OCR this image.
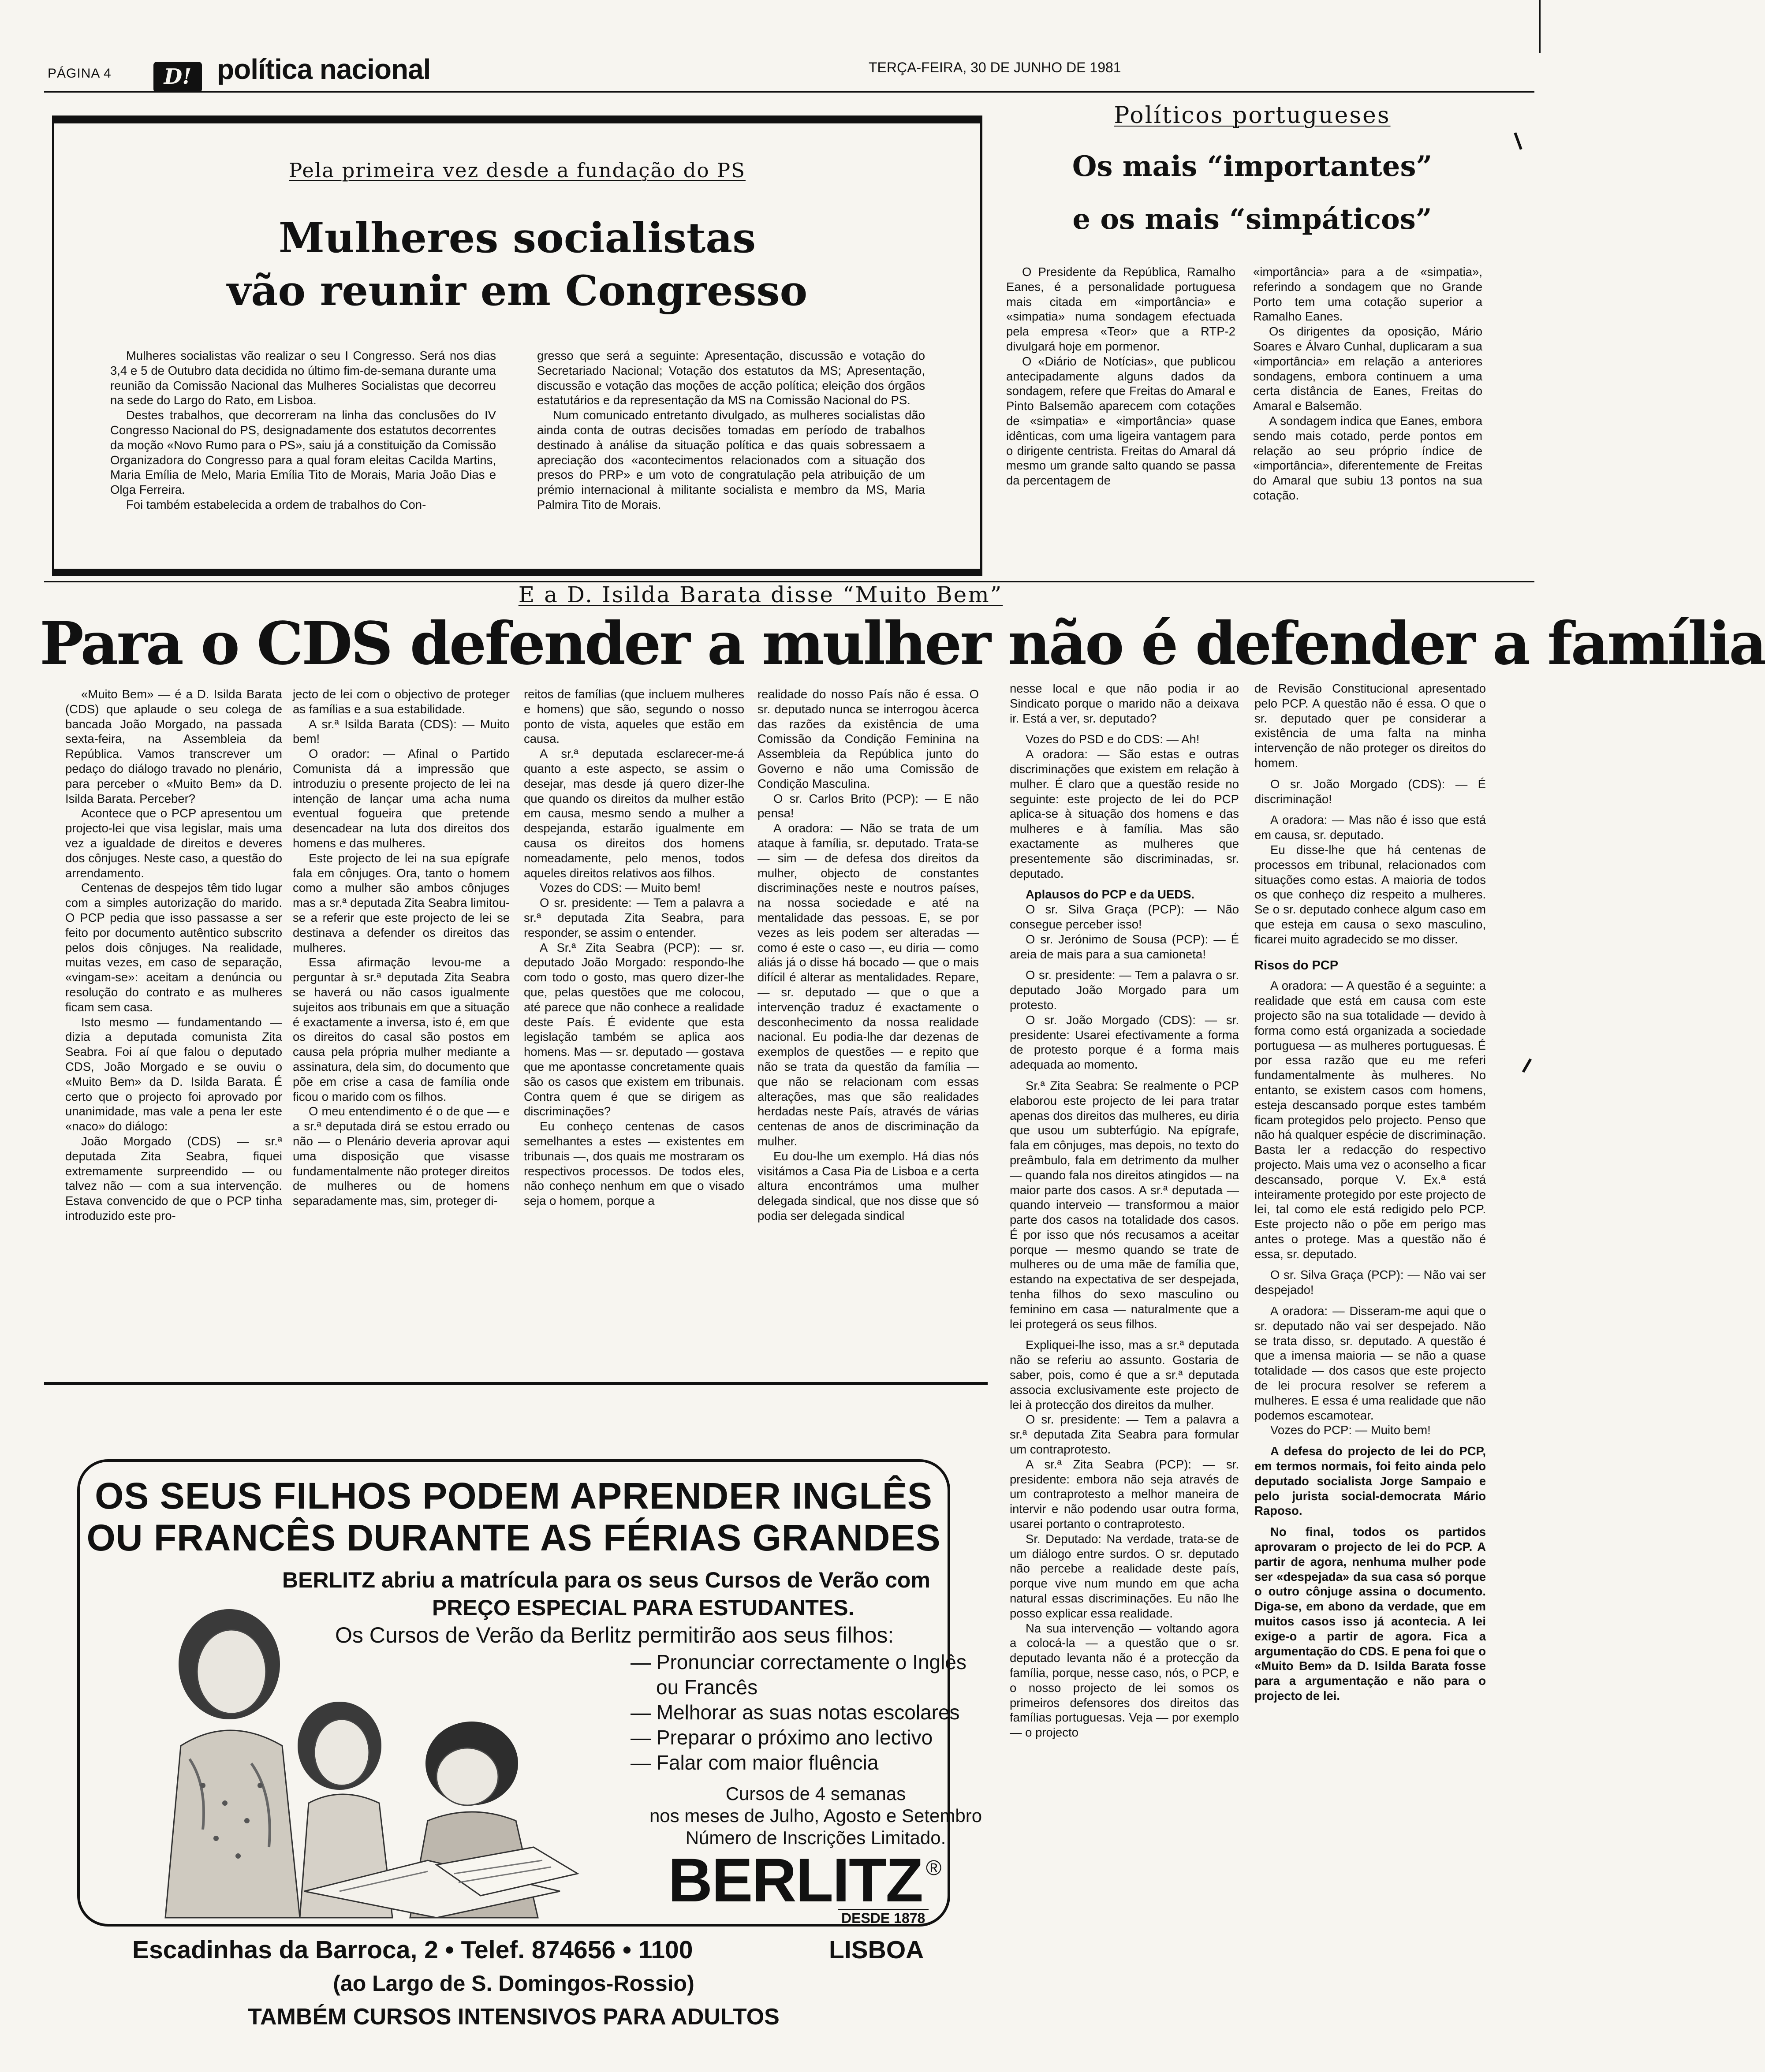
PÁGINA 4	D! política nacional	TERÇA-FEIRA, 30 DE JUNHO DE 1981
Pela primeira vez desde a fundação do PS
Mulheres socialistas
vão reunir em Congresso

Mulheres socialistas vão realizar o seu I Congresso. Será nos dias 3,4 e 5 de Outubro data decidida no último fim-de-semana durante uma reunião da Comissão Nacional das Mulheres Socialistas que decorreu na sede do Largo do Rato, em Lisboa.

Destes trabalhos, que decorreram na linha das conclusões do IV Congresso Nacional do PS, designadamente dos estatutos decorrentes da moção «Novo Rumo para o PS», saiu já a constituição da Comissão Organizadora do Congresso para a qual foram eleitas Cacilda Martins, Maria Emília de Melo, Maria Emília Tito de Morais, Maria João Dias e Olga Ferreira.

Foi também estabelecida a ordem de trabalhos do Con-

gresso que será a seguinte: Apresentação, discussão e votação do Secretariado Nacional; Votação dos estatutos da MS; Apresentação, discussão e votação das moções de acção política; eleição dos órgãos estatutários e da representação da MS na Comissão Nacional do PS.

Num comunicado entretanto divulgado, as mulheres socialistas dão ainda conta de outras decisões tomadas em período de trabalhos destinado à análise da situação política e das quais sobressaem a apreciação dos «acontecimentos relacionados com a situação dos presos do PRP» e um voto de congratulação pela atribuição de um prémio internacional à militante socialista e membro da MS, Maria Palmira Tito de Morais.

Políticos portugueses
Os mais “importantes”
e os mais “simpáticos”

O Presidente da República, Ramalho Eanes, é a personalidade portuguesa mais citada em «importância» e «simpatia» numa sondagem efectuada pela empresa «Teor» que a RTP-2 divulgará hoje em pormenor.

O «Diário de Notícias», que publicou antecipadamente alguns dados da sondagem, refere que Freitas do Amaral e Pinto Balsemão aparecem com cotações de «simpatia» e «importância» quase idênticas, com uma ligeira vantagem para o dirigente centrista. Freitas do Amaral dá mesmo um grande salto quando se passa da percentagem de

«importância» para a de «simpatia», referindo a sondagem que no Grande Porto tem uma cotação superior a Ramalho Eanes.

Os dirigentes da oposição, Mário Soares e Álvaro Cunhal, duplicaram a sua «importância» em relação a anteriores sondagens, embora continuem a uma certa distância de Eanes, Freitas do Amaral e Balsemão.

A sondagem indica que Eanes, embora sendo mais cotado, perde pontos em relação ao seu próprio índice de «importância», diferentemente de Freitas do Amaral que subiu 13 pontos na sua cotação.

E a D. Isilda Barata disse “Muito Bem”
Para o CDS defender a mulher não é defender a família

«Muito Bem» — é a D. Isilda Barata (CDS) que aplaude o seu colega de bancada João Morgado, na passada sexta-feira, na Assembleia da República. Vamos transcrever um pedaço do diálogo travado no plenário, para perceber o «Muito Bem» da D. Isilda Barata. Perceber?

Acontece que o PCP apresentou um projecto-lei que visa legislar, mais uma vez a igualdade de direitos e deveres dos cônjuges. Neste caso, a questão do arrendamento.

Centenas de despejos têm tido lugar com a simples autorização do marido. O PCP pedia que isso passasse a ser feito por documento autêntico subscrito pelos dois cônjuges. Na realidade, muitas vezes, em caso de separação, «vingam-se»: aceitam a denúncia ou resolução do contrato e as mulheres ficam sem casa.

Isto mesmo — fundamentando — dizia a deputada comunista Zita Seabra. Foi aí que falou o deputado CDS, João Morgado e se ouviu o «Muito Bem» da D. Isilda Barata. É certo que o projecto foi aprovado por unanimidade, mas vale a pena ler este «naco» do diálogo:

João Morgado (CDS) — sr.ª deputada Zita Seabra, fiquei extremamente surpreendido — ou talvez não — com a sua intervenção. Estava convencido de que o PCP tinha introduzido este pro-

jecto de lei com o objectivo de proteger as famílias e a sua estabilidade.

A sr.ª Isilda Barata (CDS): — Muito bem!

O orador: — Afinal o Partido Comunista dá a impressão que introduziu o presente projecto de lei na intenção de lançar uma acha numa eventual fogueira que pretende desencadear na luta dos direitos dos homens e das mulheres.

Este projecto de lei na sua epígrafe fala em cônjuges. Ora, tanto o homem como a mulher são ambos cônjuges mas a sr.ª deputada Zita Seabra limitou-se a referir que este projecto de lei se destinava a defender os direitos das mulheres.

Essa afirmação levou-me a perguntar à sr.ª deputada Zita Seabra se haverá ou não casos igualmente sujeitos aos tribunais em que a situação é exactamente a inversa, isto é, em que os direitos do casal são postos em causa pela própria mulher mediante a assinatura, dela sim, do documento que põe em crise a casa de família onde ficou o marido com os filhos.

O meu entendimento é o de que — e a sr.ª deputada dirá se estou errado ou não — o Plenário deveria aprovar aqui uma disposição que visasse fundamentalmente não proteger direitos de mulheres ou de homens separadamente mas, sim, proteger di-

reitos de famílias (que incluem mulheres e homens) que são, segundo o nosso ponto de vista, aqueles que estão em causa.

A sr.ª deputada esclarecer-me-á quanto a este aspecto, se assim o desejar, mas desde já quero dizer-lhe que quando os direitos da mulher estão em causa, mesmo sendo a mulher a despejanda, estarão igualmente em causa os direitos dos homens nomeadamente, pelo menos, todos aqueles direitos relativos aos filhos.

Vozes do CDS: — Muito bem!

O sr. presidente: — Tem a palavra a sr.ª deputada Zita Seabra, para responder, se assim o entender.

A Sr.ª Zita Seabra (PCP): — sr. deputado João Morgado: respondo-lhe com todo o gosto, mas quero dizer-lhe que, pelas questões que me colocou, até parece que não conhece a realidade deste País. É evidente que esta legislação também se aplica aos homens. Mas — sr. deputado — gostava que me apontasse concretamente quais são os casos que existem em tribunais. Contra quem é que se dirigem as discriminações?

Eu conheço centenas de casos semelhantes a estes — existentes em tribunais —, dos quais me mostraram os respectivos processos. De todos eles, não conheço nenhum em que o visado seja o homem, porque a

realidade do nosso País não é essa. O sr. deputado nunca se interrogou àcerca das razões da existência de uma Comissão da Condição Feminina na Assembleia da República junto do Governo e não uma Comissão de Condição Masculina.

O sr. Carlos Brito (PCP): — E não pensa!

A oradora: — Não se trata de um ataque à família, sr. deputado. Trata-se — sim — de defesa dos direitos da mulher, objecto de constantes discriminações neste e noutros países, na nossa sociedade e até na mentalidade das pessoas. E, se por vezes as leis podem ser alteradas — como é este o caso —, eu diria — como aliás já o disse há bocado — que o mais difícil é alterar as mentalidades. Repare, — sr. deputado — que o que a intervenção traduz é exactamente o desconhecimento da nossa realidade nacional. Eu podia-lhe dar dezenas de exemplos de questões — e repito que não se trata da questão da família — que não se relacionam com essas alterações, mas que são realidades herdadas neste País, através de várias centenas de anos de discriminação da mulher.

Eu dou-lhe um exemplo. Há dias nós visitámos a Casa Pia de Lisboa e a certa altura encontrámos uma mulher delegada sindical, que nos disse que só podia ser delegada sindical

nesse local e que não podia ir ao Sindicato porque o marido não a deixava ir. Está a ver, sr. deputado?

Vozes do PSD e do CDS: — Ah!

A oradora: — São estas e outras discriminações que existem em relação à mulher. É claro que a questão reside no seguinte: este projecto de lei do PCP aplica-se à situação dos homens e das mulheres e à família. Mas são exactamente as mulheres que presentemente são discriminadas, sr. deputado.

Aplausos do PCP e da UEDS.

O sr. Silva Graça (PCP): — Não consegue perceber isso!

O sr. Jerónimo de Sousa (PCP): — É areia de mais para a sua camioneta!

O sr. presidente: — Tem a palavra o sr. deputado João Morgado para um protesto.

O sr. João Morgado (CDS): — sr. presidente: Usarei efectivamente a forma de protesto porque é a forma mais adequada ao momento.

Sr.ª Zita Seabra: Se realmente o PCP elaborou este projecto de lei para tratar apenas dos direitos das mulheres, eu diria que usou um subterfúgio. Na epígrafe, fala em cônjuges, mas depois, no texto do preâmbulo, fala em detrimento da mulher — quando fala nos direitos atingidos — na maior parte dos casos. A sr.ª deputada — quando interveio — transformou a maior parte dos casos na totalidade dos casos. É por isso que nós recusamos a aceitar porque — mesmo quando se trate de mulheres ou de uma mãe de família que, estando na expectativa de ser despejada, tenha filhos do sexo masculino ou feminino em casa — naturalmente que a lei protegerá os seus filhos.

Expliquei-lhe isso, mas a sr.ª deputada não se referiu ao assunto. Gostaria de saber, pois, como é que a sr.ª deputada associa exclusivamente este projecto de lei à protecção dos direitos da mulher.

O sr. presidente: — Tem a palavra a sr.ª deputada Zita Seabra para formular um contraprotesto.

A sr.ª Zita Seabra (PCP): — sr. presidente: embora não seja através de um contraprotesto a melhor maneira de intervir e não podendo usar outra forma, usarei portanto o contraprotesto.

Sr. Deputado: Na verdade, trata-se de um diálogo entre surdos. O sr. deputado não percebe a realidade deste país, porque vive num mundo em que acha natural essas discriminações. Eu não lhe posso explicar essa realidade.

Na sua intervenção — voltando agora a colocá-la — a questão que o sr. deputado levanta não é a protecção da família, porque, nesse caso, nós, o PCP, e o nosso projecto de lei somos os primeiros defensores dos direitos das famílias portuguesas. Veja — por exemplo — o projecto

de Revisão Constitucional apresentado pelo PCP. A questão não é essa. O que o sr. deputado quer pe considerar a existência de uma falta na minha intervenção de não proteger os direitos do homem.

O sr. João Morgado (CDS): — É discriminação!

A oradora: — Mas não é isso que está em causa, sr. deputado.

Eu disse-lhe que há centenas de processos em tribunal, relacionados com situações como estas. A maioria de todos os que conheço diz respeito a mulheres. Se o sr. deputado conhece algum caso em que esteja em causa o sexo masculino, ficarei muito agradecido se mo disser.

Risos do PCP

A oradora: — A questão é a seguinte: a realidade que está em causa com este projecto são na sua totalidade — devido à forma como está organizada a sociedade portuguesa — as mulheres portuguesas. É por essa razão que eu me referi fundamentalmente às mulheres. No entanto, se existem casos com homens, esteja descansado porque estes também ficam protegidos pelo projecto. Penso que não há qualquer espécie de discriminação. Basta ler a redacção do respectivo projecto. Mais uma vez o aconselho a ficar descansado, porque V. Ex.ª está inteiramente protegido por este projecto de lei, tal como ele está redigido pelo PCP. Este projecto não o põe em perigo mas antes o protege. Mas a questão não é essa, sr. deputado.

O sr. Silva Graça (PCP): — Não vai ser despejado!

A oradora: — Disseram-me aqui que o sr. deputado não vai ser despejado. Não se trata disso, sr. deputado. A questão é que a imensa maioria — se não a quase totalidade — dos casos que este projecto de lei procura resolver se referem a mulheres. E essa é uma realidade que não podemos escamotear.

Vozes do PCP: — Muito bem!

A defesa do projecto de lei do PCP, em termos normais, foi feito ainda pelo deputado socialista Jorge Sampaio e pelo jurista social-democrata Mário Raposo.

No final, todos os partidos aprovaram o projecto de lei do PCP. A partir de agora, nenhuma mulher pode ser «despejada» da sua casa só porque o outro cônjuge assina o documento. Diga-se, em abono da verdade, que em muitos casos isso já acontecia. A lei exige-o a partir de agora. Fica a argumentação do CDS. E pena foi que o «Muito Bem» da D. Isilda Barata fosse para a argumentação e não para o projecto de lei.

OS SEUS FILHOS PODEM APRENDER INGLÊS
OU FRANCÊS DURANTE AS FÉRIAS GRANDES
BERLITZ abriu a matrícula para os seus Cursos de Verão com
PREÇO ESPECIAL PARA ESTUDANTES.
Os Cursos de Verão da Berlitz permitirão aos seus filhos:
— Pronunciar correctamente o Inglês
ou Francês
— Melhorar as suas notas escolares
— Preparar o próximo ano lectivo
— Falar com maior fluência
Cursos de 4 semanas
nos meses de Julho, Agosto e Setembro
Número de Inscrições Limitado.
BERLITZ ®
DESDE 1878
Escadinhas da Barroca, 2 • Telef. 874656 • 1100	LISBOA
(ao Largo de S. Domingos-Rossio)
TAMBÉM CURSOS INTENSIVOS PARA ADULTOS
